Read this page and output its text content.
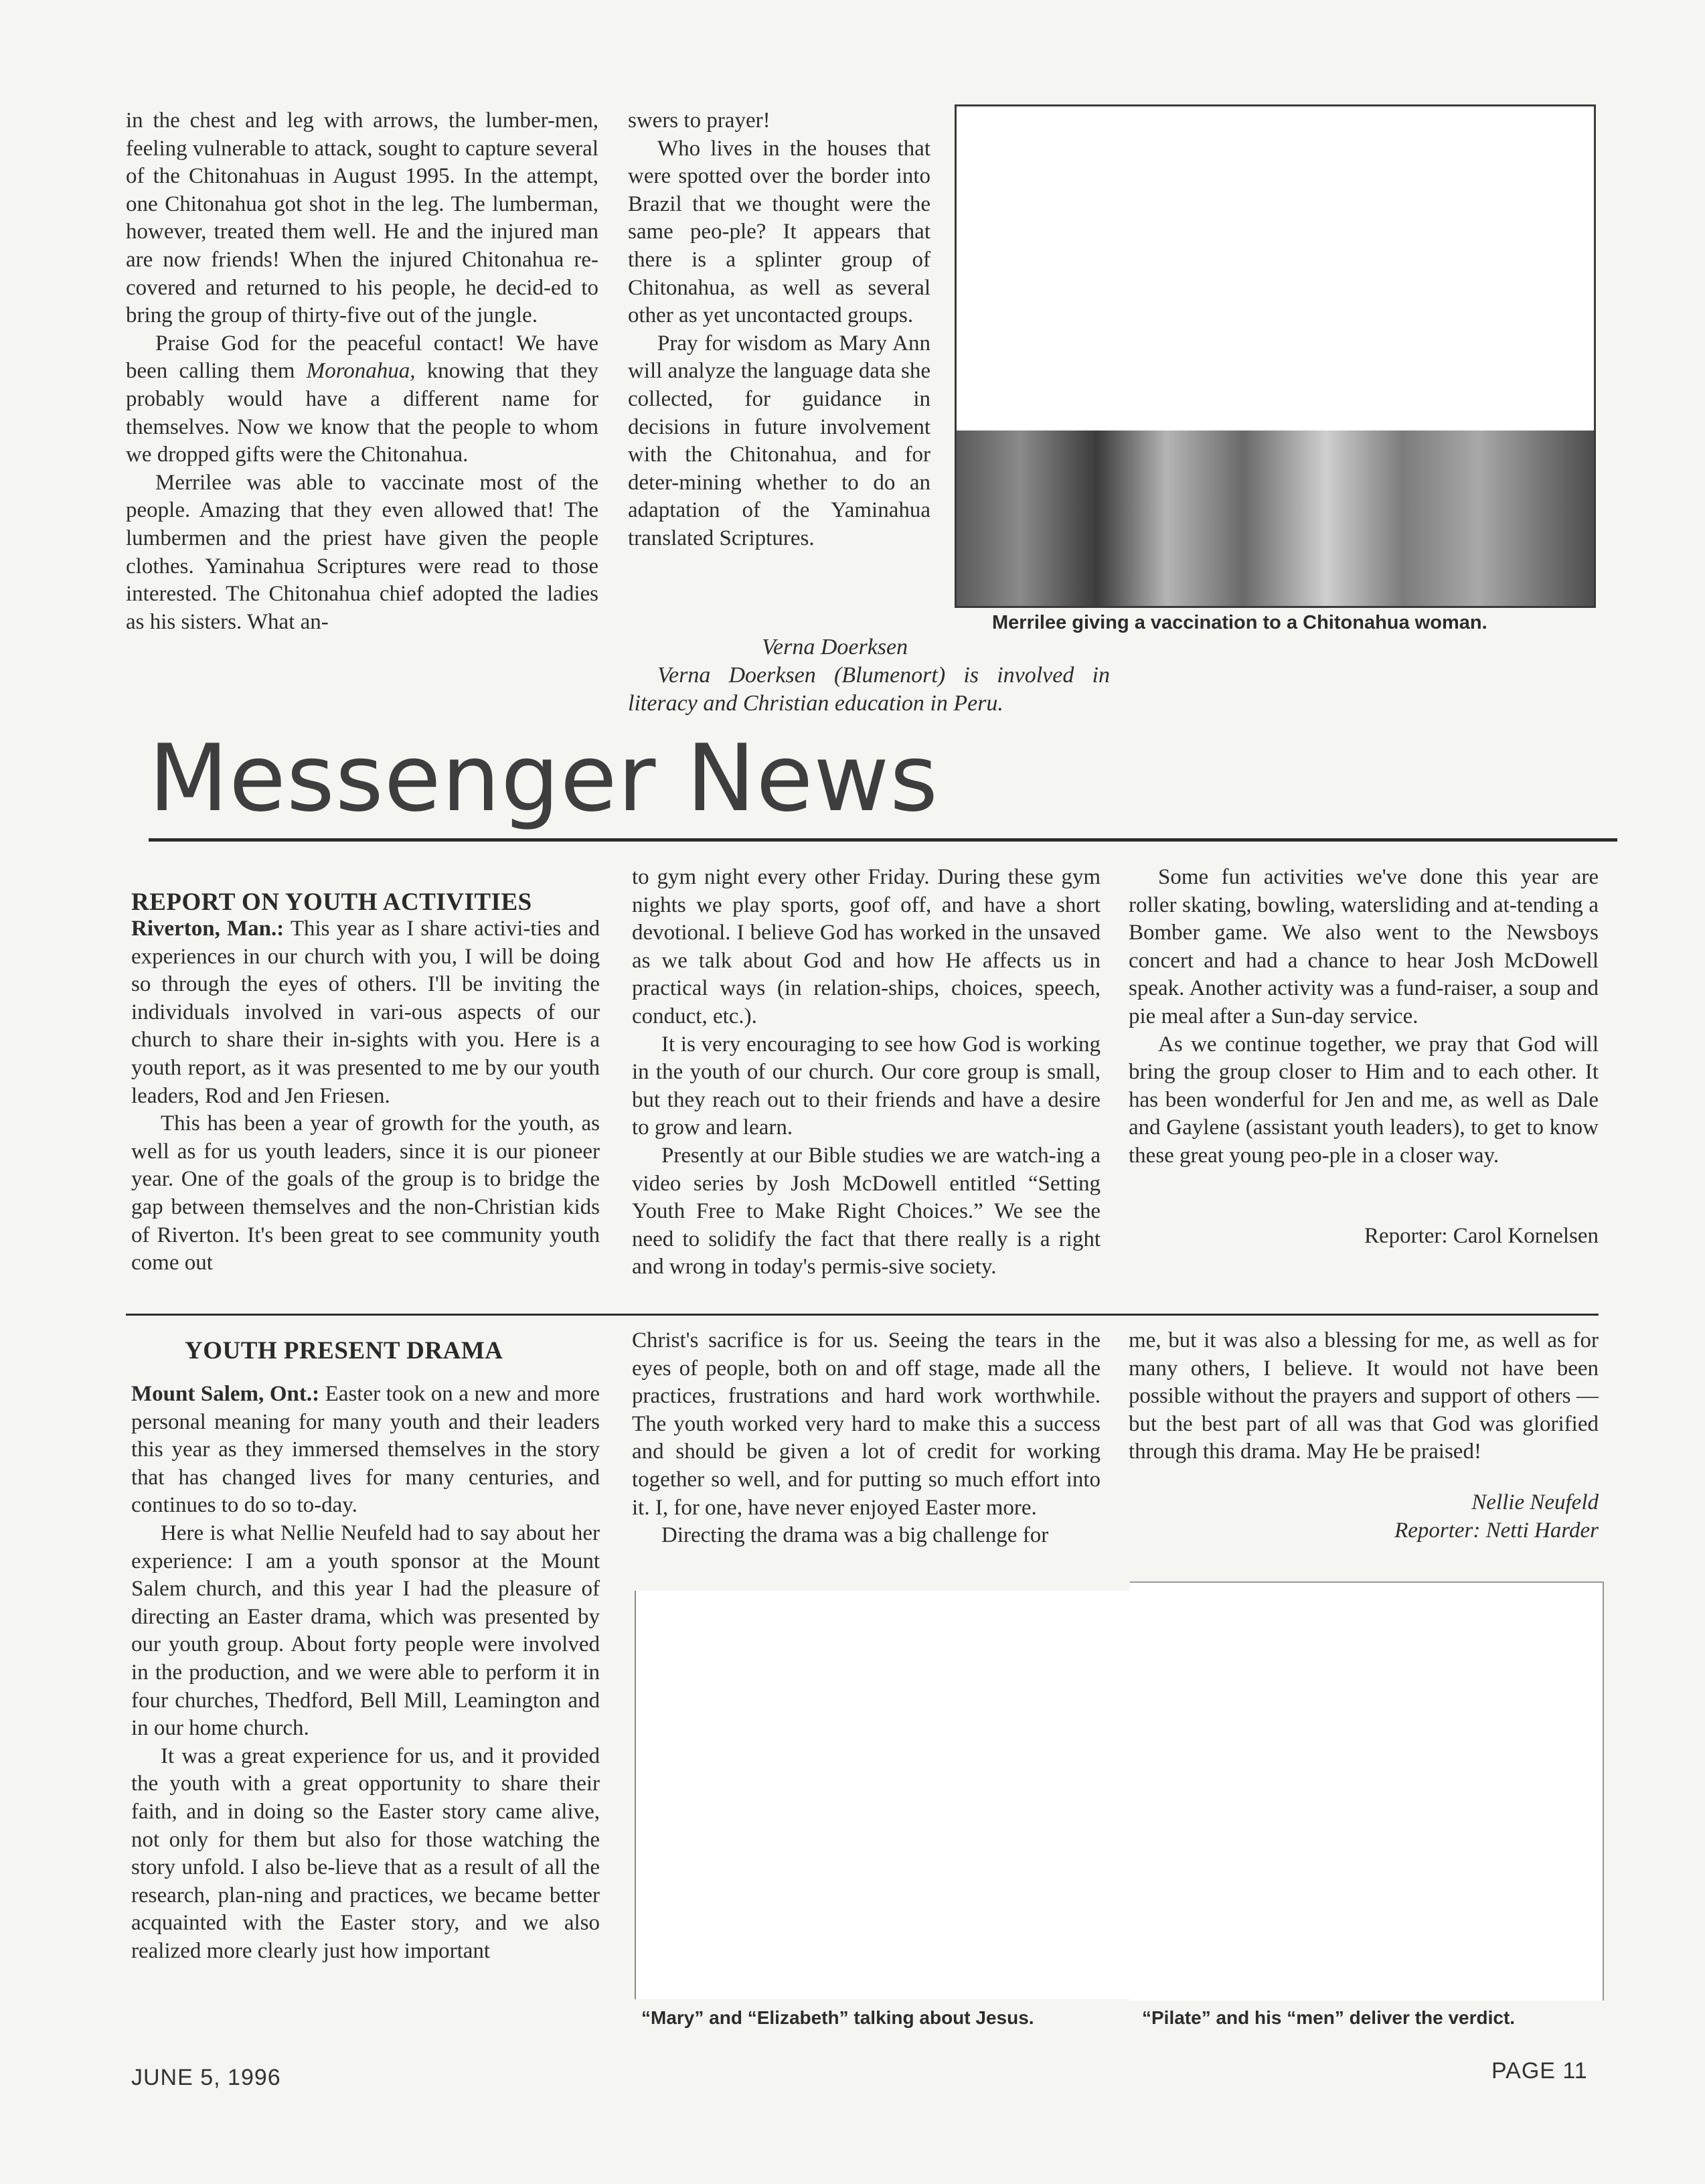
in the chest and leg with arrows, the lumber-men, feeling vulnerable to attack, sought to capture several of the Chitonahuas in August 1995. In the attempt, one Chitonahua got shot in the leg. The lumberman, however, treated them well. He and the injured man are now friends! When the injured Chitonahua re-covered and returned to his people, he decid-ed to bring the group of thirty-five out of the jungle.

Praise God for the peaceful contact! We have been calling them Moronahua, knowing that they probably would have a different name for themselves. Now we know that the people to whom we dropped gifts were the Chitonahua.

Merrilee was able to vaccinate most of the people. Amazing that they even allowed that! The lumbermen and the priest have given the people clothes. Yaminahua Scriptures were read to those interested. The Chitonahua chief adopted the ladies as his sisters. What an-

swers to prayer!

Who lives in the houses that were spotted over the border into Brazil that we thought were the same peo-ple? It appears that there is a splinter group of Chitonahua, as well as several other as yet uncontacted groups.

Pray for wisdom as Mary Ann will analyze the language data she collected, for guidance in decisions in future involvement with the Chitonahua, and for deter-mining whether to do an adaptation of the Yaminahua translated Scriptures.

Verna Doerksen
Verna Doerksen (Blumenort) is involved in literacy and Christian education in Peru.
Merrilee giving a vaccination to a Chitonahua woman.
Messenger News
REPORT ON YOUTH ACTIVITIES

Riverton, Man.: This year as I share activi-ties and experiences in our church with you, I will be doing so through the eyes of others. I'll be inviting the individuals involved in vari-ous aspects of our church to share their in-sights with you. Here is a youth report, as it was presented to me by our youth leaders, Rod and Jen Friesen.

This has been a year of growth for the youth, as well as for us youth leaders, since it is our pioneer year. One of the goals of the group is to bridge the gap between themselves and the non-Christian kids of Riverton. It's been great to see community youth come out

to gym night every other Friday. During these gym nights we play sports, goof off, and have a short devotional. I believe God has worked in the unsaved as we talk about God and how He affects us in practical ways (in relation-ships, choices, speech, conduct, etc.).

It is very encouraging to see how God is working in the youth of our church. Our core group is small, but they reach out to their friends and have a desire to grow and learn.

Presently at our Bible studies we are watch-ing a video series by Josh McDowell entitled “Setting Youth Free to Make Right Choices.” We see the need to solidify the fact that there really is a right and wrong in today's permis-sive society.

Some fun activities we've done this year are roller skating, bowling, watersliding and at-tending a Bomber game. We also went to the Newsboys concert and had a chance to hear Josh McDowell speak. Another activity was a fund-raiser, a soup and pie meal after a Sun-day service.

As we continue together, we pray that God will bring the group closer to Him and to each other. It has been wonderful for Jen and me, as well as Dale and Gaylene (assistant youth leaders), to get to know these great young peo-ple in a closer way.

Reporter: Carol Kornelsen
YOUTH PRESENT DRAMA

Mount Salem, Ont.: Easter took on a new and more personal meaning for many youth and their leaders this year as they immersed themselves in the story that has changed lives for many centuries, and continues to do so to-day.

Here is what Nellie Neufeld had to say about her experience: I am a youth sponsor at the Mount Salem church, and this year I had the pleasure of directing an Easter drama, which was presented by our youth group. About forty people were involved in the production, and we were able to perform it in four churches, Thedford, Bell Mill, Leamington and in our home church.

It was a great experience for us, and it provided the youth with a great opportunity to share their faith, and in doing so the Easter story came alive, not only for them but also for those watching the story unfold. I also be-lieve that as a result of all the research, plan-ning and practices, we became better acquainted with the Easter story, and we also realized more clearly just how important

Christ's sacrifice is for us. Seeing the tears in the eyes of people, both on and off stage, made all the practices, frustrations and hard work worthwhile. The youth worked very hard to make this a success and should be given a lot of credit for working together so well, and for putting so much effort into it. I, for one, have never enjoyed Easter more.

Directing the drama was a big challenge for

me, but it was also a blessing for me, as well as for many others, I believe. It would not have been possible without the prayers and support of others — but the best part of all was that God was glorified through this drama. May He be praised!

Nellie Neufeld
Reporter: Netti Harder
“Mary” and “Elizabeth” talking about Jesus.	“Pilate” and his “men” deliver the verdict.
JUNE 5, 1996	PAGE 11
